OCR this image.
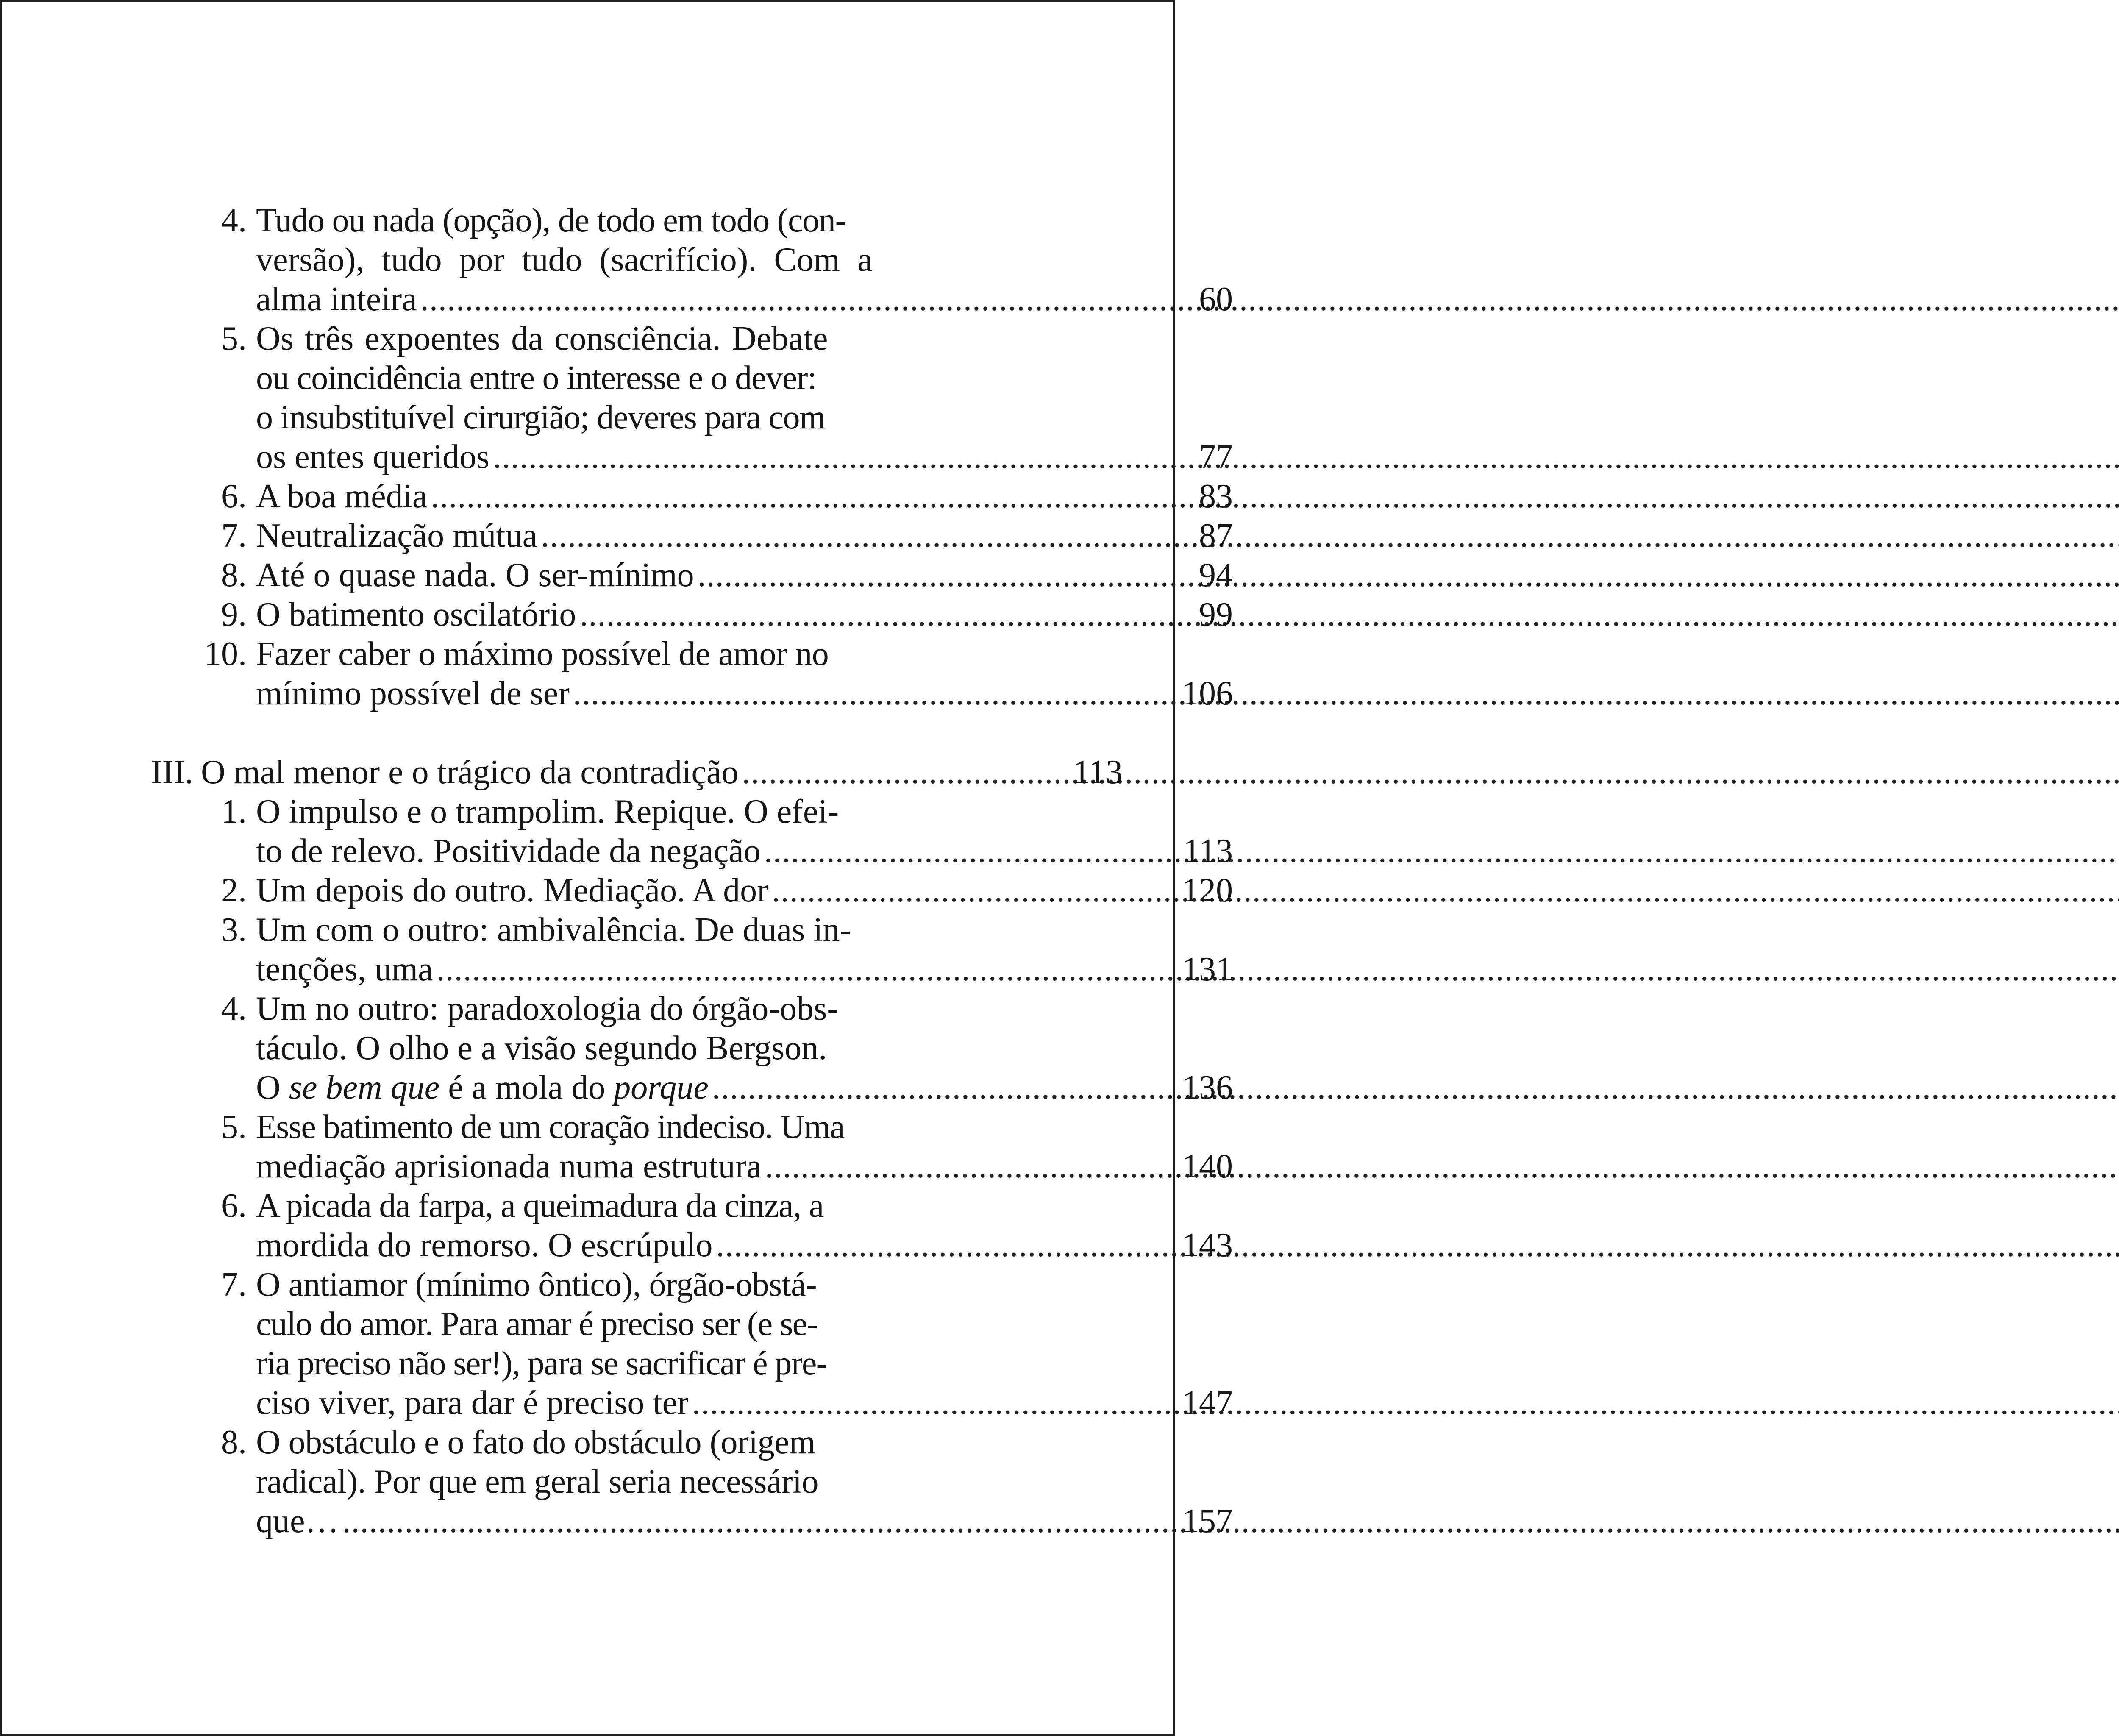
4. Tudo ou nada (opção), de todo em todo (con-
versão), tudo por tudo (sacrifício). Com a
alma inteira .....	60
5. Os três expoentes da consciência. Debate
ou coincidência entre o interesse e o dever:
o insubstituível cirurgião; deveres para com
os entes queridos .....	77
6. A boa média .....	83
7. Neutralização mútua .....	87
8. Até o quase nada. O ser-mínimo .....	94
9. O batimento oscilatório .....	99
10. Fazer caber o máximo possível de amor no
mínimo possível de ser .....	106
III. O mal menor e o trágico da contradição .....	113
1. O impulso e o trampolim. Repique. O efei-
to de relevo. Positividade da negação .....	113
2. Um depois do outro. Mediação. A dor .....	120
3. Um com o outro: ambivalência. De duas in-
tenções, uma .....	131
4. Um no outro: paradoxologia do órgão-obs-
táculo. O olho e a visão segundo Bergson.
O se bem que é a mola do porque .....	136
5. Esse batimento de um coração indeciso. Uma
mediação aprisionada numa estrutura .....	140
6. A picada da farpa, a queimadura da cinza, a
mordida do remorso. O escrúpulo .....	143
7. O antiamor (mínimo ôntico), órgão-obstá-
culo do amor. Para amar é preciso ser (e se-
ria preciso não ser!), para se sacrificar é pre-
ciso viver, para dar é preciso ter .....	147
8. O obstáculo e o fato do obstáculo (origem
radical). Por que em geral seria necessário
que… .....	157
